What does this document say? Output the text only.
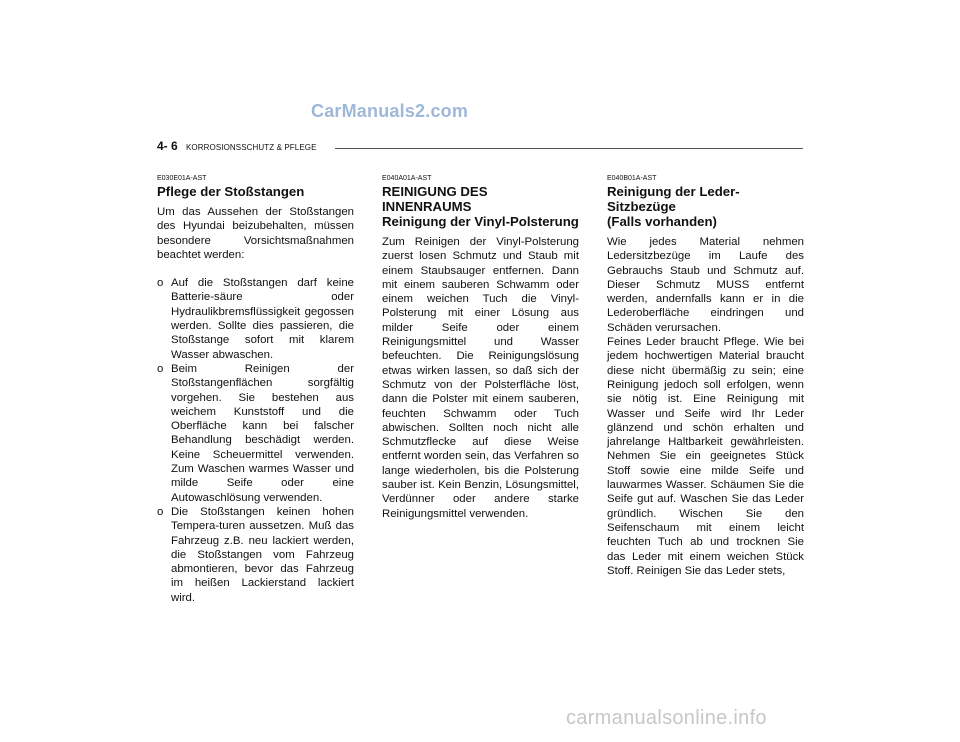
CarManuals2.com
4- 6 KORROSIONSSCHUTZ & PFLEGE
E030E01A-AST
Pflege der Stoßstangen

Um das Aussehen der Stoßstangen des Hyundai beizubehalten, müssen besondere Vorsichtsmaßnahmen beachtet werden:

o Auf die Stoßstangen darf keine Batterie-säure oder Hydraulikbremsflüssigkeit gegossen werden. Sollte dies passieren, die Stoßstange sofort mit klarem Wasser abwaschen.
o Beim Reinigen der Stoßstangenflächen sorgfältig vorgehen. Sie bestehen aus weichem Kunststoff und die Oberfläche kann bei falscher Behandlung beschädigt werden. Keine Scheuermittel verwenden. Zum Waschen warmes Wasser und milde Seife oder eine Autowaschlösung verwenden.
o Die Stoßstangen keinen hohen Tempera-turen aussetzen. Muß das Fahrzeug z.B. neu lackiert werden, die Stoßstangen vom Fahrzeug abmontieren, bevor das Fahrzeug im heißen Lackierstand lackiert wird.
E040A01A-AST
REINIGUNG DES INNENRAUMS
Reinigung der Vinyl-Polsterung

Zum Reinigen der Vinyl-Polsterung zuerst losen Schmutz und Staub mit einem Staubsauger entfernen. Dann mit einem sauberen Schwamm oder einem weichen Tuch die Vinyl-Polsterung mit einer Lösung aus milder Seife oder einem Reinigungsmittel und Wasser befeuchten. Die Reinigungslösung etwas wirken lassen, so daß sich der Schmutz von der Polsterfläche löst, dann die Polster mit einem sauberen, feuchten Schwamm oder Tuch abwischen. Sollten noch nicht alle Schmutzflecke auf diese Weise entfernt worden sein, das Verfahren so lange wiederholen, bis die Polsterung sauber ist. Kein Benzin, Lösungsmittel, Verdünner oder andere starke Reinigungsmittel verwenden.

E040B01A-AST
Reinigung der Leder-
Sitzbezüge
(Falls vorhanden)

Wie jedes Material nehmen Ledersitzbezüge im Laufe des Gebrauchs Staub und Schmutz auf. Dieser Schmutz MUSS entfernt werden, andernfalls kann er in die Lederoberfläche eindringen und Schäden verursachen.

Feines Leder braucht Pflege. Wie bei jedem hochwertigen Material braucht diese nicht übermäßig zu sein; eine Reinigung jedoch soll erfolgen, wenn sie nötig ist. Eine Reinigung mit Wasser und Seife wird Ihr Leder glänzend und schön erhalten und jahrelange Haltbarkeit gewährleisten. Nehmen Sie ein geeignetes Stück Stoff sowie eine milde Seife und lauwarmes Wasser. Schäumen Sie die Seife gut auf. Waschen Sie das Leder gründlich. Wischen Sie den Seifenschaum mit einem leicht feuchten Tuch ab und trocknen Sie das Leder mit einem weichen Stück Stoff. Reinigen Sie das Leder stets,

carmanualsonline.info
